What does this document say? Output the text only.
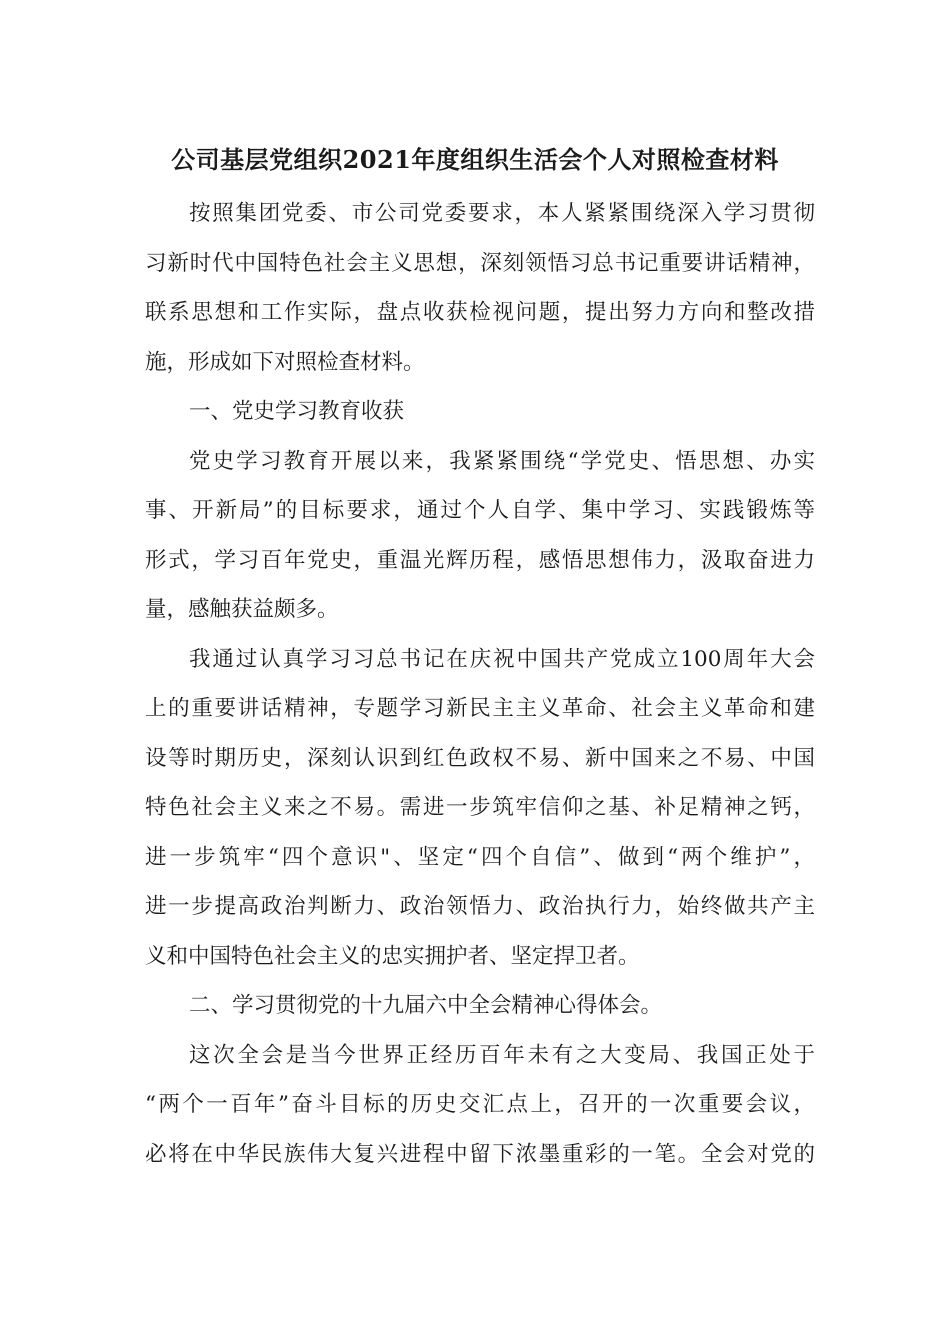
公司基层党组织2021年度组织生活会个人对照检查材料
按照集团党委、市公司党委要求，本人紧紧围绕深入学习贯彻
习新时代中国特色社会主义思想，深刻领悟习总书记重要讲话精神，
联系思想和工作实际，盘点收获检视问题，提出努力方向和整改措
施，形成如下对照检查材料。
一、党史学习教育收获
党史学习教育开展以来，我紧紧围绕“学党史、悟思想、办实
事、开新局”的目标要求，通过个人自学、集中学习、实践锻炼等
形式，学习百年党史，重温光辉历程，感悟思想伟力，汲取奋进力
量，感触获益颇多。
我通过认真学习习总书记在庆祝中国共产党成立100周年大会
上的重要讲话精神，专题学习新民主主义革命、社会主义革命和建
设等时期历史，深刻认识到红色政权不易、新中国来之不易、中国
特色社会主义来之不易。需进一步筑牢信仰之基、补足精神之钙，
进一步筑牢“四个意识"、坚定“四个自信”、做到“两个维护”，
进一步提高政治判断力、政治领悟力、政治执行力，始终做共产主
义和中国特色社会主义的忠实拥护者、坚定捍卫者。
二、学习贯彻党的十九届六中全会精神心得体会。
这次全会是当今世界正经历百年未有之大变局、我国正处于
“两个一百年”奋斗目标的历史交汇点上，召开的一次重要会议，
必将在中华民族伟大复兴进程中留下浓墨重彩的一笔。全会对党的
